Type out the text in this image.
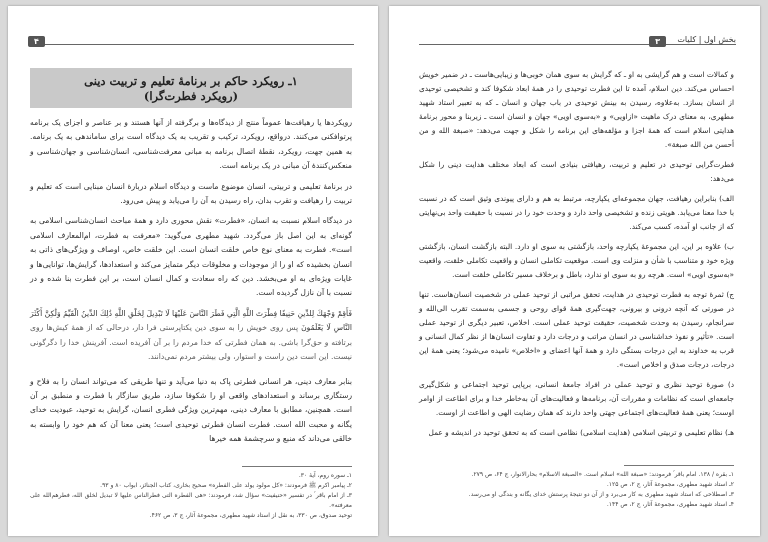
۴
۱ـ رویکرد حاکم بر برنامۀ تعلیم و تربیت دینی
(رویکرد فطرت‌گرا)

رویکردها یا رهیافت‌ها عموماً منتج از دیدگاه‌ها و برگرفته از آنها هستند و بر عناصر و اجزای یک برنامه پرتوافکنی می‌کنند. درواقع، رویکرد، ترکیب و تقریب به یک دیدگاه است برای ساماندهی به یک برنامه. به همین جهت، رویکرد، نقطهٔ اتصال برنامه به مبانی معرفت‌شناسی، انسان‌شناسی و جهان‌شناسی و منعکس‌کنندهٔ آن مبانی در یک برنامه است.

در برنامهٔ تعلیمی و تربیتی، انسان موضوع ماست و دیدگاه اسلام دربارهٔ انسان مبنایی است که تعلیم و تربیت را رهیافت و تقرب بدان، راه رسیدن به آن را می‌یابد و پیش می‌رود.

در دیدگاه اسلام نسبت به انسان، «فطرت» نقش محوری دارد و همهٔ مباحث انسان‌شناسی اسلامی به گونه‌ای به این اصل باز می‌گردد. شهید مطهری می‌گوید: «معرفت به فطرت، ام‌المعارف اسلامی است». فطرت به معنای نوع خاص خلقت انسان است. این خلقت خاص، اوصاف و ویژگی‌های ذاتی به انسان بخشیده که او را از موجودات و مخلوقات دیگر متمایز می‌کند و استعدادها، گرایش‌ها، توانایی‌ها و غایات ویژه‌ای به او می‌بخشد. دین که راه سعادت و کمال انسان است، بر این فطرت بنا شده و در نسبت با آن نازل گردیده است.

فَأَقِمْ وَجْهَكَ لِلدِّينِ حَنِيفًا فِطْرَتَ اللَّهِ الَّتِي فَطَرَ النَّاسَ عَلَيْهَا لَا تَبْدِيلَ لِخَلْقِ اللَّهِ ذَٰلِكَ الدِّينُ الْقَيِّمُ وَلَٰكِنَّ أَكْثَرَ النَّاسِ لَا يَعْلَمُونَ پس روی خویش را به سوی دین یکتاپرستی فرا دار، درحالی که از همهٔ کیش‌ها روی برتافته و حق‌گرا باشی. به همان فطرتی که خدا مردم را بر آن آفریده است. آفرینش خدا را دگرگونی نیست. این است دین راست و استوار، ولی بیشتر مردم نمی‌دانند.

بنابر معارف دینی، هر انسانی فطرتی پاک به دنیا می‌آید و تنها طریقی که می‌تواند انسان را به فلاح و رستگاری برساند و استعدادهای واقعی او را شکوفا سازد، طریق سازگار با فطرت و منطبق بر آن است. همچنین، مطابق با معارف دینی، مهم‌ترین ویژگی فطری انسان، گرایش به توحید، عبودیت خدای یگانه و محبت الله است. فطرت انسان فطرتی توحیدی است؛ یعنی معنا آن که هم خود را وابسته به خالقی می‌داند که منبع و سرچشمهٔ همه خیرها

۱ـ سوره روم، آیهٔ ۳۰.
۲ـ پیامبر اکرم ﷺ فرمودند: «کل مولود یولد علی الفطره» صحیح بخاری، کتاب الجنائز، ابواب ۸۰ و ۹۳.
۳ـ از امام باقر ؑ در تفسیر «حنیفیت» سؤال شد، فرمودند: «هی الفطره التی فطرالناس علیها لا تبدیل لخلق الله، فطرهم‌الله علی معرفته».
توحید صدوق، ص ۳۳۰، به نقل از استاد شهید مطهری، مجموعهٔ آثار، ج ۳، ص ۴۶۲.
بخش اول | کلیات
۳

و کمالات است و هم گرایشی به او ـ که گرایش به سوی همان خوبی‌ها و زیبایی‌هاست ـ در ضمیر خویش احساس می‌کند. دین اسلام، آمده تا این فطرت توحیدی را در همهٔ ابعاد شکوفا کند و تشخیصی توحیدی از انسان بسازد. به‌علاوه، رسیدن به بینش توحیدی در باب جهان و انسان ـ که به تعبیر استاد شهید مطهری، به معنای درک ماهیت «ازاویی» و «به‌سوی اویی» جهان و انسان است ـ زیربنا و محور برنامهٔ هدایتی اسلام است که همهٔ اجزا و مؤلفه‌های این برنامه را شکل و جهت می‌دهد: «صبغة الله و من أحسن من الله صبغة».

فطرت‌گرایی توحیدی در تعلیم و تربیت، رهیافتی بنیادی است که ابعاد مختلف هدایت دینی را شکل می‌دهد:

الف) بنابراین رهیافت، جهان مجموعه‌ای یکپارچه، مرتبط به هم و دارای پیوندی وثیق است که در نسبت با خدا معنا می‌یابد. هویتی زنده و تشخیصی واحد دارد و وحدت خود را در نسبت با حقیقت واحد بی‌نهایتی که از جانب او آمده، کسب می‌کند.

ب) علاوه بر این، این مجموعهٔ یکپارچه واحد، بازگشتی به سوی او دارد. البته بازگشت انسان، بازگشتی ویژه خود و متناسب با شأن و منزلت وی است. موقعیت تکاملی انسان و واقعیت تکاملی خلقت، واقعیت «به‌سوی اویی» است. هرچه رو به سوی او ندارد، باطل و برخلاف مسیر تکاملی خلقت است.

ج) ثمرهٔ توجه به فطرت توحیدی در هدایت، تحقق مراتبی از توحید عملی در شخصیت انسان‌هاست. تنها در صورتی که آنچه درونی و بیرونی، جهت‌گیری همهٔ قوای روحی و جسمی به‌سمت تقرب الی‌الله و سرانجام، رسیدن به وحدت شخصیت، حقیقت توحید عملی است. اخلاص، تعبیر دیگری از توحید عملی است. «تأثیر و نفوذ خداشناسی در انسان مراتب و درجات دارد و تفاوت انسان‌ها از نظر کمال انسانی و قرب به خداوند به این درجات بستگی دارد و همهٔ آنها اعضای و «اخلاص» نامیده می‌شود؛ یعنی همهٔ این درجات، درجات صدق و اخلاص است».

د) صورهٔ توحید نظری و توحید عملی در افراد جامعهٔ انسانی، برپایی توحید اجتماعی و شکل‌گیری جامعه‌ای است که نظامات و مقررات آن، برنامه‌ها و فعالیت‌های آن به‌خاطر خدا و برای اطاعت از اوامر اوست؛ یعنی همهٔ فعالیت‌های اجتماعی جهتی واحد دارند که همان رضایت الهی و اطاعت از اوست.

هـ) نظام تعلیمی و تربیتی اسلامی (هدایت اسلامی) نظامی است که به تحقق توحید در اندیشه و عمل

۱ـ بقره / ۱۳۸. امام باقر ؑ فرمودند: «صبغة الله» اسلام است. «الصبغة الاسلام» بحارالانوار، ج ۶۴، ص ۲۷۹.
۲ـ استاد شهید مطهری، مجموعهٔ آثار، ج ۲، ص ۱۲۵.
۳ـ اصطلاحی که استاد شهید مطهری به کار می‌برد و از آن دو نتیجهٔ پرستش خدای یگانه و بندگی او می‌رسد.
۴ـ استاد شهید مطهری، مجموعهٔ آثار، ج ۲، ص ۱۴۴.
